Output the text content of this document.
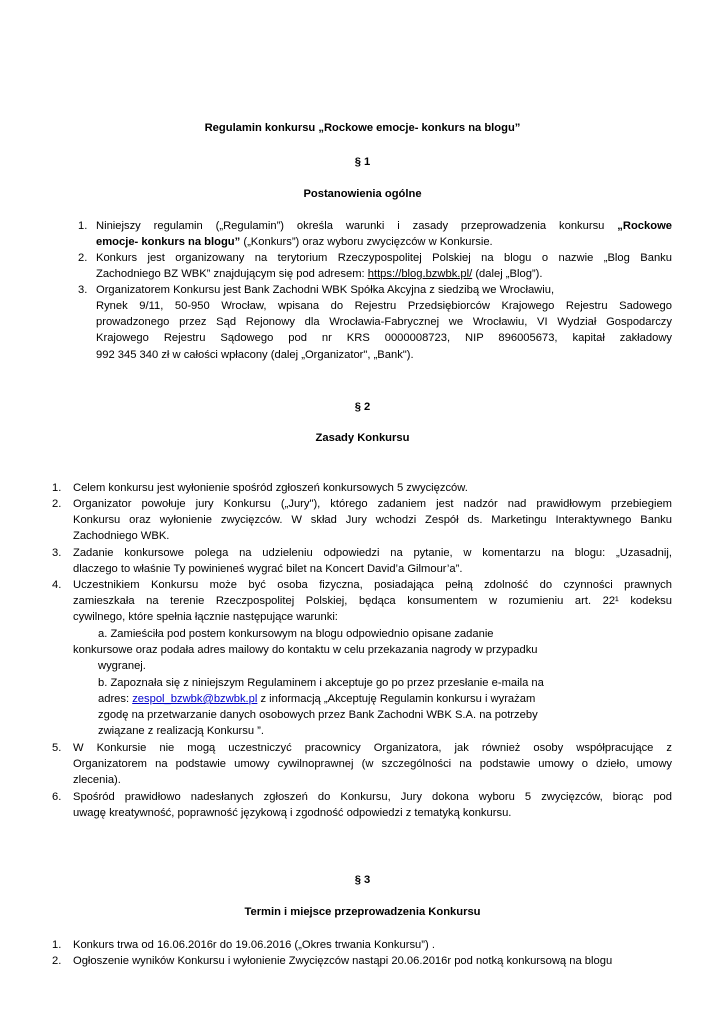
Regulamin konkursu „Rockowe emocje- konkurs na blogu”
§ 1
Postanowienia ogólne
1. Niniejszy regulamin („Regulamin”) określa warunki i zasady przeprowadzenia konkursu „Rockowe
emocje- konkurs na blogu” („Konkurs”) oraz wyboru zwycięzców w Konkursie.
2. Konkurs jest organizowany na terytorium Rzeczypospolitej Polskiej na blogu o nazwie „Blog Banku
Zachodniego BZ WBK” znajdującym się pod adresem: https://blog.bzwbk.pl/ (dalej „Blog”).
3. Organizatorem Konkursu jest Bank Zachodni WBK Spółka Akcyjna z siedzibą we Wrocławiu,
Rynek 9/11, 50-950 Wrocław, wpisana do Rejestru Przedsiębiorców Krajowego Rejestru Sadowego
prowadzonego przez Sąd Rejonowy dla Wrocławia-Fabrycznej we Wrocławiu, VI Wydział Gospodarczy
Krajowego Rejestru Sądowego pod nr KRS 0000008723, NIP 896005673, kapitał zakładowy
992 345 340 zł w całości wpłacony (dalej „Organizator", „Bank").
§ 2
Zasady Konkursu
1. Celem konkursu jest wyłonienie spośród zgłoszeń konkursowych 5 zwycięzców.
2. Organizator powołuje jury Konkursu („Jury"), którego zadaniem jest nadzór nad prawidłowym przebiegiem
Konkursu oraz wyłonienie zwycięzców. W skład Jury wchodzi Zespół ds. Marketingu Interaktywnego Banku
Zachodniego WBK.
3. Zadanie konkursowe polega na udzieleniu odpowiedzi na pytanie, w komentarzu na blogu: „Uzasadnij,
dlaczego to właśnie Ty powinieneś wygrać bilet na Koncert David’a Gilmour’a”.
4. Uczestnikiem Konkursu może być osoba fizyczna, posiadająca pełną zdolność do czynności prawnych
zamieszkała na terenie Rzeczpospolitej Polskiej, będąca konsumentem w rozumieniu art. 22¹ kodeksu
cywilnego, które spełnia łącznie następujące warunki:
a. Zamieściła pod postem konkursowym na blogu odpowiednio opisane zadanie
konkursowe oraz podała adres mailowy do kontaktu w celu przekazania nagrody w przypadku
wygranej.
b. Zapoznała się z niniejszym Regulaminem i akceptuje go po przez przesłanie e-maila na
adres: zespol_bzwbk@bzwbk.pl z informacją „Akceptuję Regulamin konkursu i wyrażam
zgodę na przetwarzanie danych osobowych przez Bank Zachodni WBK S.A. na potrzeby
związane z realizacją Konkursu ”.
5. W Konkursie nie mogą uczestniczyć pracownicy Organizatora, jak również osoby współpracujące z
Organizatorem na podstawie umowy cywilnoprawnej (w szczególności na podstawie umowy o dzieło, umowy
zlecenia).
6. Spośród prawidłowo nadesłanych zgłoszeń do Konkursu, Jury dokona wyboru 5 zwycięzców, biorąc pod
uwagę kreatywność, poprawność językową i zgodność odpowiedzi z tematyką konkursu.
§ 3
Termin i miejsce przeprowadzenia Konkursu
1. Konkurs trwa od 16.06.2016r do 19.06.2016 („Okres trwania Konkursu”) .
2. Ogłoszenie wyników Konkursu i wyłonienie Zwycięzców nastąpi 20.06.2016r pod notką konkursową na blogu
